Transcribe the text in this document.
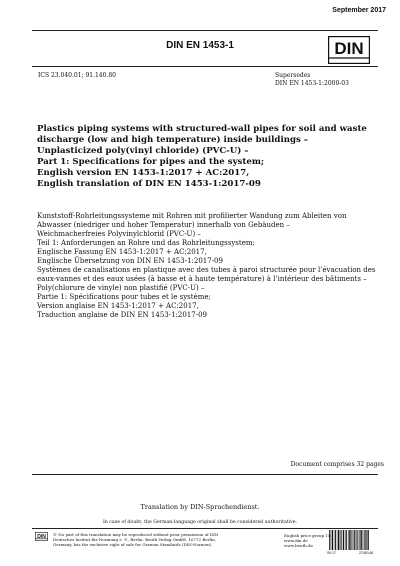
September 2017
DIN EN 1453-1	DIN
ICS 23.040.01; 91.140.80	Supersedes
DIN EN 1453-1:2000-03
Plastics piping systems with structured-wall pipes for soil and waste
discharge (low and high temperature) inside buildings –
Unplasticized poly(vinyl chloride) (PVC-U) –
Part 1: Specifications for pipes and the system;
English version EN 1453-1:2017 + AC:2017,
English translation of DIN EN 1453-1:2017-09
Kunststoff-Rohrleitungssysteme mit Rohren mit profilierter Wandung zum Ableiten von
Abwasser (niedriger und hoher Temperatur) innerhalb von Gebäuden –
Weichmacherfreies Polyvinylchlorid (PVC-U) –
Teil 1: Anforderungen an Rohre und das Rohrleitungssystem;
Englische Fassung EN 1453-1:2017 + AC:2017,
Englische Übersetzung von DIN EN 1453-1:2017-09
Systèmes de canalisations en plastique avec des tubes à paroi structurée pour l’évacuation des
eaux-vannes et des eaux usées (à basse et à haute température) à l’intérieur des bâtiments –
Poly(chlorure de vinyle) non plastifié (PVC-U) –
Partie 1: Spécifications pour tubes et le système;
Version anglaise EN 1453-1:2017 + AC:2017,
Traduction anglaise de DIN EN 1453-1:2017-09
Document comprises 32 pages
Translation by DIN-Sprachendienst.
In case of doubt, the German-language original shall be considered authoritative.
DIN © No part of this translation may be reproduced without prior permission of DIN Deutsches Institut für Normung e. V., Berlin. Beuth Verlag GmbH, 10772 Berlin, Germany, has the exclusive right of sale for German Standards (DIN-Normen).
English price group 15
www.din.de
www.beuth.de
09.17	2748148
